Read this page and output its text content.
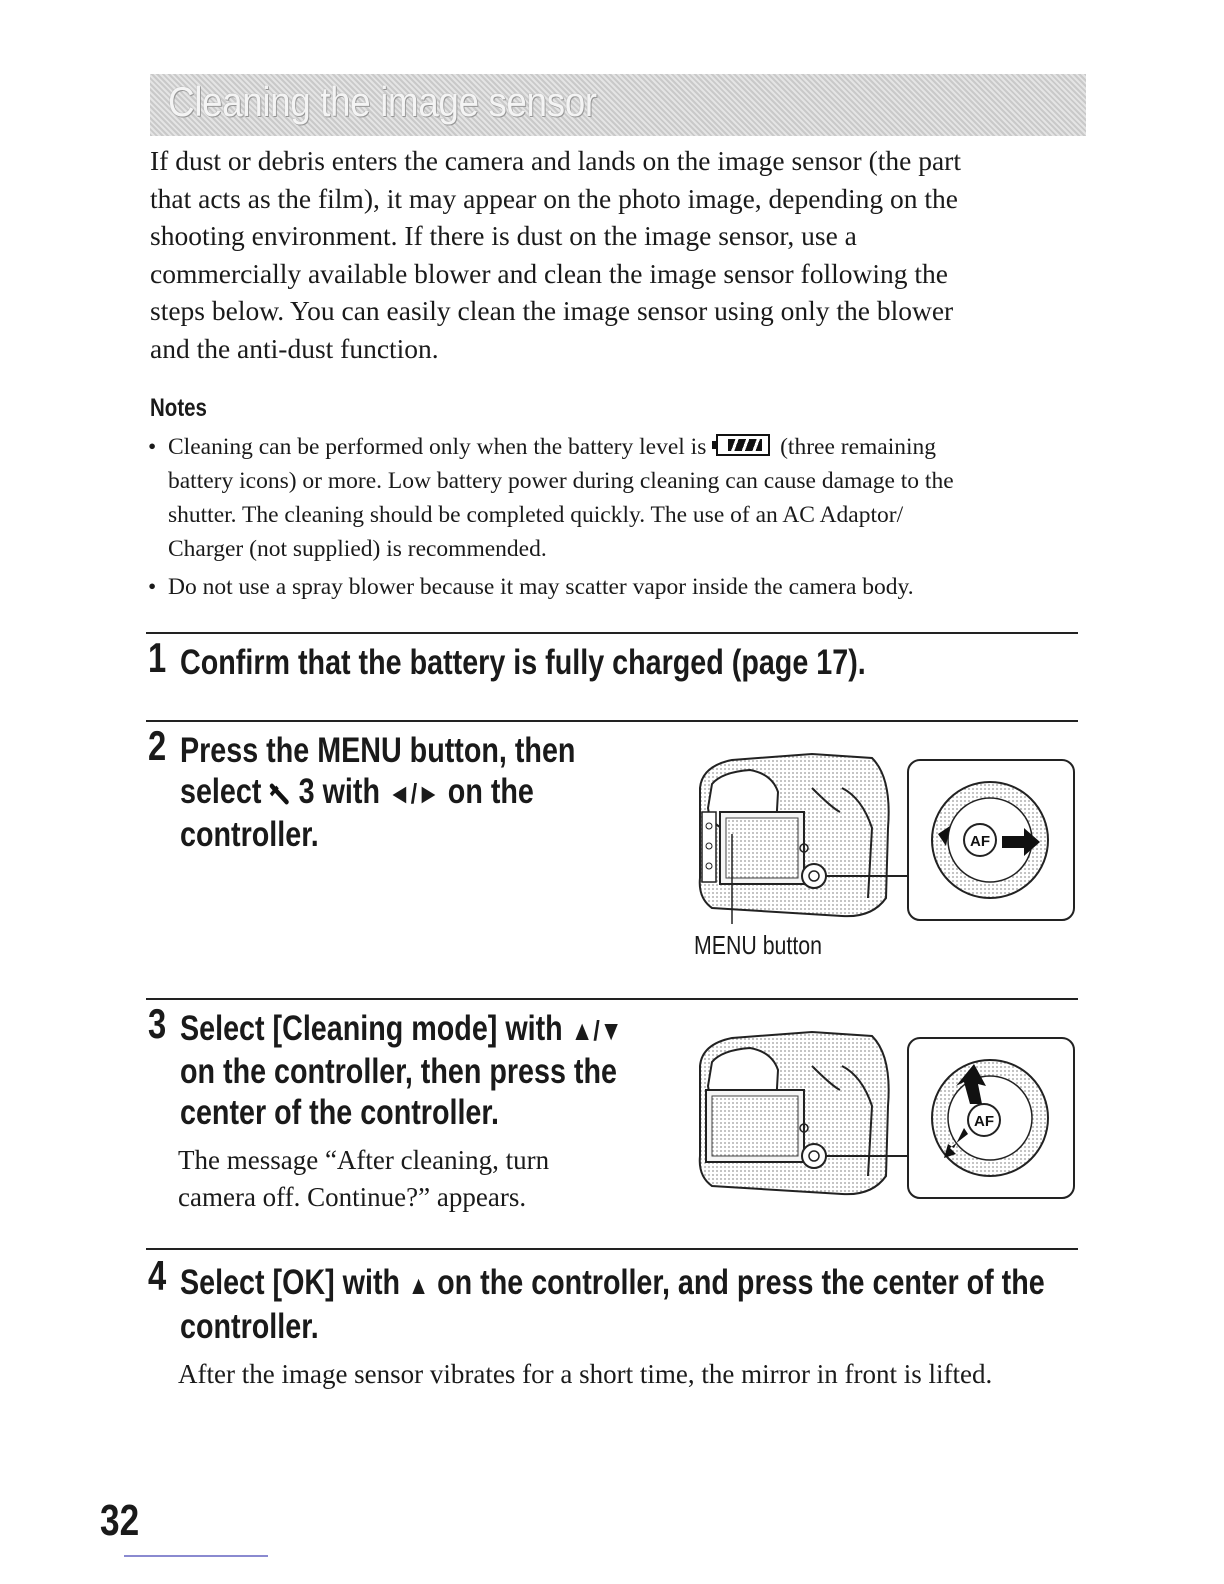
Cleaning the image sensor
If dust or debris enters the camera and lands on the image sensor (the part
that acts as the film), it may appear on the photo image, depending on the
shooting environment. If there is dust on the image sensor, use a
commercially available blower and clean the image sensor following the
steps below. You can easily clean the image sensor using only the blower
and the anti-dust function.
Notes
• Cleaning can be performed only when the battery level is	(three remaining
battery icons) or more. Low battery power during cleaning can cause damage to the
shutter. The cleaning should be completed quickly. The use of an AC Adaptor/
Charger (not supplied) is recommended.
• Do not use a spray blower because it may scatter vapor inside the camera body.
1 Confirm that the battery is fully charged (page 17).
2 Press the MENU button, then
select 3 with ◄/► on the
controller.	AF
MENU button
3 Select [Cleaning mode] with ▲/▼
on the controller, then press the
center of the controller.
The message “After cleaning, turn
camera off. Continue?” appears.
AF
4 Select [OK] with ▲ on the controller, and press the center of the
controller.
After the image sensor vibrates for a short time, the mirror in front is lifted.
32
